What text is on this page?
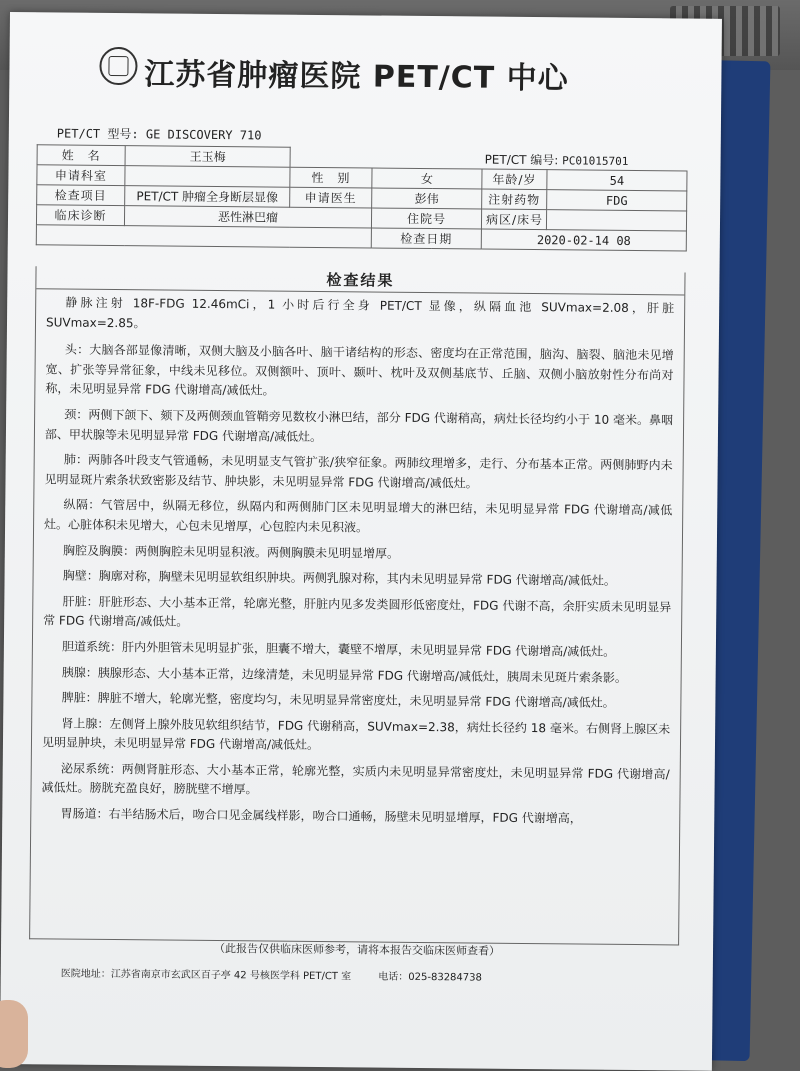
江苏省肿瘤医院 PET/CT 中心
PET/CT 型号: GE DISCOVERY 710
姓　名	王玉梅	PET/CT 编号: PC01015701			
申请科室		性　别	女	年龄/岁	54
检查项目	PET/CT 肿瘤全身断层显像	申请医生	彭伟	注射药物	FDG
临床诊断	恶性淋巴瘤		住院号	病区/床号	
			检查日期	2020-02-14 08	
检查结果

静脉注射 18F-FDG 12.46mCi，1 小时后行全身 PET/CT 显像，纵隔血池 SUVmax=2.08，肝脏 SUVmax=2.85。

头：大脑各部显像清晰，双侧大脑及小脑各叶、脑干诸结构的形态、密度均在正常范围，脑沟、脑裂、脑池未见增宽、扩张等异常征象，中线未见移位。双侧额叶、顶叶、颞叶、枕叶及双侧基底节、丘脑、双侧小脑放射性分布尚对称，未见明显异常 FDG 代谢增高/减低灶。

颈：两侧下颌下、颏下及两侧颈血管鞘旁见数枚小淋巴结，部分 FDG 代谢稍高，病灶长径均约小于 10 毫米。鼻咽部、甲状腺等未见明显异常 FDG 代谢增高/减低灶。

肺：两肺各叶段支气管通畅，未见明显支气管扩张/狭窄征象。两肺纹理增多，走行、分布基本正常。两侧肺野内未见明显斑片索条状致密影及结节、肿块影，未见明显异常 FDG 代谢增高/减低灶。

纵隔：气管居中，纵隔无移位，纵隔内和两侧肺门区未见明显增大的淋巴结，未见明显异常 FDG 代谢增高/减低灶。心脏体积未见增大，心包未见增厚，心包腔内未见积液。

胸腔及胸膜：两侧胸腔未见明显积液。两侧胸膜未见明显增厚。

胸壁：胸廓对称，胸壁未见明显软组织肿块。两侧乳腺对称，其内未见明显异常 FDG 代谢增高/减低灶。

肝脏：肝脏形态、大小基本正常，轮廓光整，肝脏内见多发类圆形低密度灶，FDG 代谢不高，余肝实质未见明显异常 FDG 代谢增高/减低灶。

胆道系统：肝内外胆管未见明显扩张，胆囊不增大，囊壁不增厚，未见明显异常 FDG 代谢增高/减低灶。

胰腺：胰腺形态、大小基本正常，边缘清楚，未见明显异常 FDG 代谢增高/减低灶，胰周未见斑片索条影。

脾脏：脾脏不增大，轮廓光整，密度均匀，未见明显异常密度灶，未见明显异常 FDG 代谢增高/减低灶。

肾上腺：左侧肾上腺外肢见软组织结节，FDG 代谢稍高，SUVmax=2.38，病灶长径约 18 毫米。右侧肾上腺区未见明显肿块，未见明显异常 FDG 代谢增高/减低灶。

泌尿系统：两侧肾脏形态、大小基本正常，轮廓光整，实质内未见明显异常密度灶，未见明显异常 FDG 代谢增高/减低灶。膀胱充盈良好，膀胱壁不增厚。

胃肠道：右半结肠术后，吻合口见金属线样影，吻合口通畅，肠壁未见明显增厚，FDG 代谢增高，

（此报告仅供临床医师参考，请将本报告交临床医师查看）
医院地址：江苏省南京市玄武区百子亭 42 号核医学科 PET/CT 室	电话：025-83284738
